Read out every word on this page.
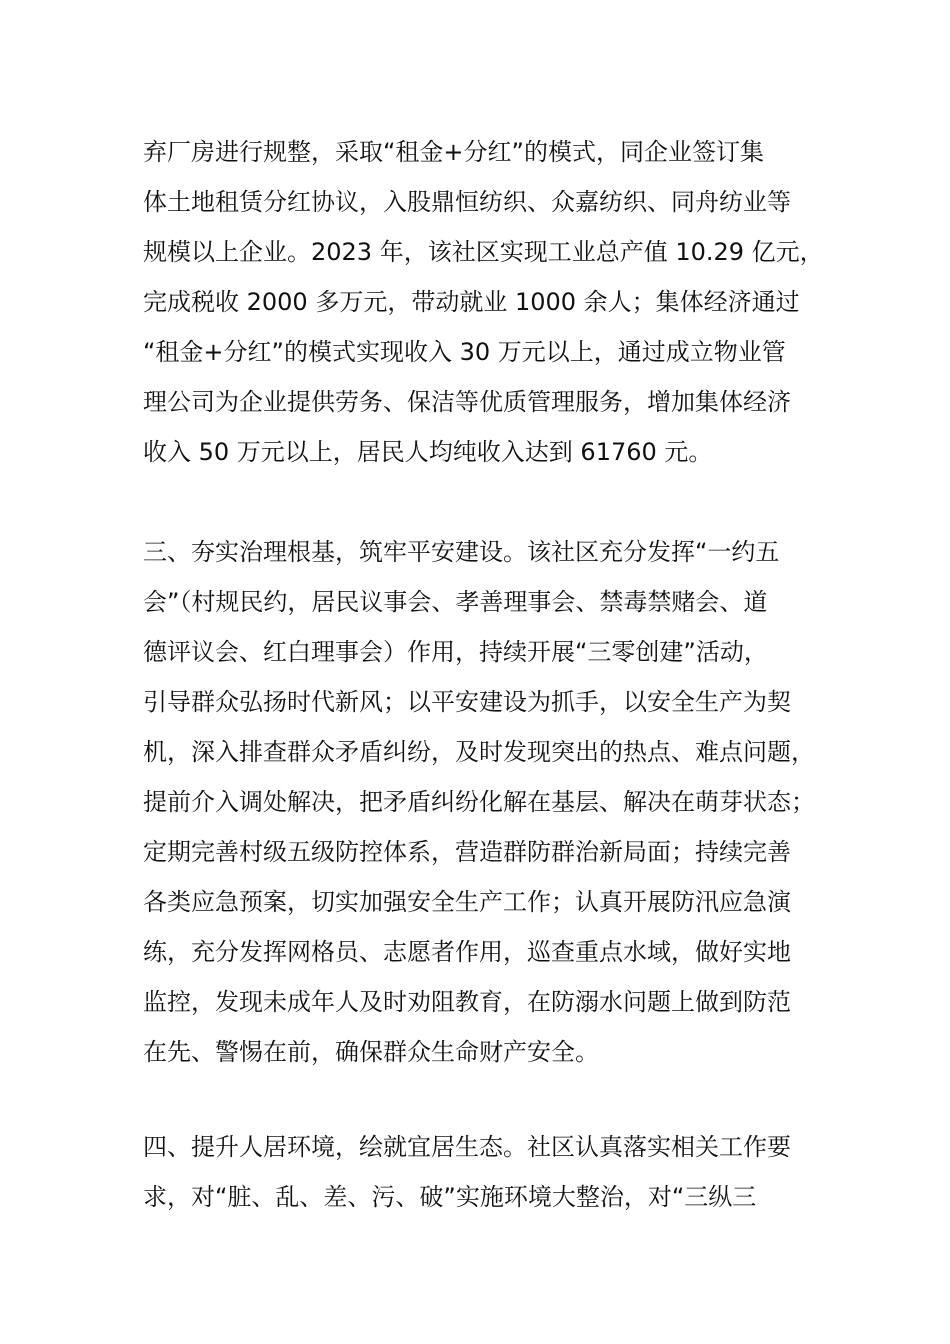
弃厂房进行规整，采取“租金+分红”的模式，同企业签订集
体土地租赁分红协议，入股鼎恒纺织、众嘉纺织、同舟纺业等
规模以上企业。2023 年，该社区实现工业总产值 10.29 亿元，
完成税收 2000 多万元，带动就业 1000 余人；集体经济通过
“租金+分红”的模式实现收入 30 万元以上，通过成立物业管
理公司为企业提供劳务、保洁等优质管理服务，增加集体经济
收入 50 万元以上，居民人均纯收入达到 61760 元。
三、夯实治理根基，筑牢平安建设。该社区充分发挥“一约五
会”（村规民约，居民议事会、孝善理事会、禁毒禁赌会、道
德评议会、红白理事会）作用，持续开展“三零创建”活动，
引导群众弘扬时代新风；以平安建设为抓手，以安全生产为契
机，深入排查群众矛盾纠纷，及时发现突出的热点、难点问题，
提前介入调处解决，把矛盾纠纷化解在基层、解决在萌芽状态；
定期完善村级五级防控体系，营造群防群治新局面；持续完善
各类应急预案，切实加强安全生产工作；认真开展防汛应急演
练，充分发挥网格员、志愿者作用，巡查重点水域，做好实地
监控，发现未成年人及时劝阻教育，在防溺水问题上做到防范
在先、警惕在前，确保群众生命财产安全。
四、提升人居环境，绘就宜居生态。社区认真落实相关工作要
求，对“脏、乱、差、污、破”实施环境大整治，对“三纵三
